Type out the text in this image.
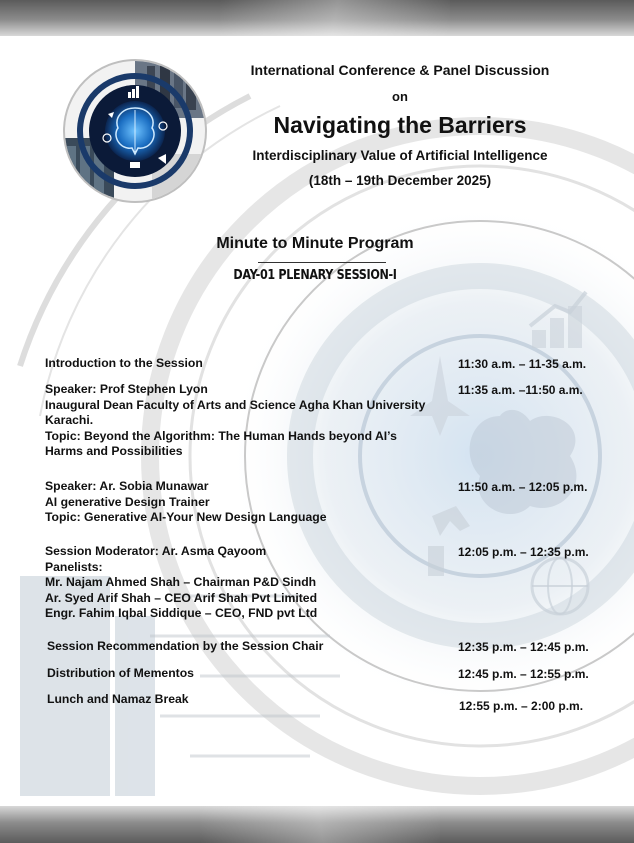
International Conference & Panel Discussion
on
Navigating the Barriers
Interdisciplinary Value of Artificial Intelligence
(18th – 19th December 2025)
Minute to Minute Program
DAY-01 PLENARY SESSION-I
Introduction to the Session	11:30 a.m. – 11-35 a.m.
Speaker: Prof Stephen Lyon
Inaugural Dean Faculty of Arts and Science Agha Khan University
Karachi.
Topic: Beyond the Algorithm: The Human Hands beyond AI’s
Harms and Possibilities
11:35 a.m. –11:50 a.m.
Speaker: Ar. Sobia Munawar
AI generative Design Trainer
Topic: Generative AI-Your New Design Language
11:50 a.m. – 12:05 p.m.
Session Moderator: Ar. Asma Qayoom
Panelists:
Mr. Najam Ahmed Shah – Chairman P&D Sindh
Ar. Syed Arif Shah – CEO Arif Shah Pvt Limited
Engr. Fahim Iqbal Siddique – CEO, FND pvt Ltd
12:05 p.m. – 12:35 p.m.
Session Recommendation by the Session Chair	12:35 p.m. – 12:45 p.m.
Distribution of Mementos	12:45 p.m. – 12:55 p.m.
Lunch and Namaz Break	12:55 p.m. – 2:00 p.m.
